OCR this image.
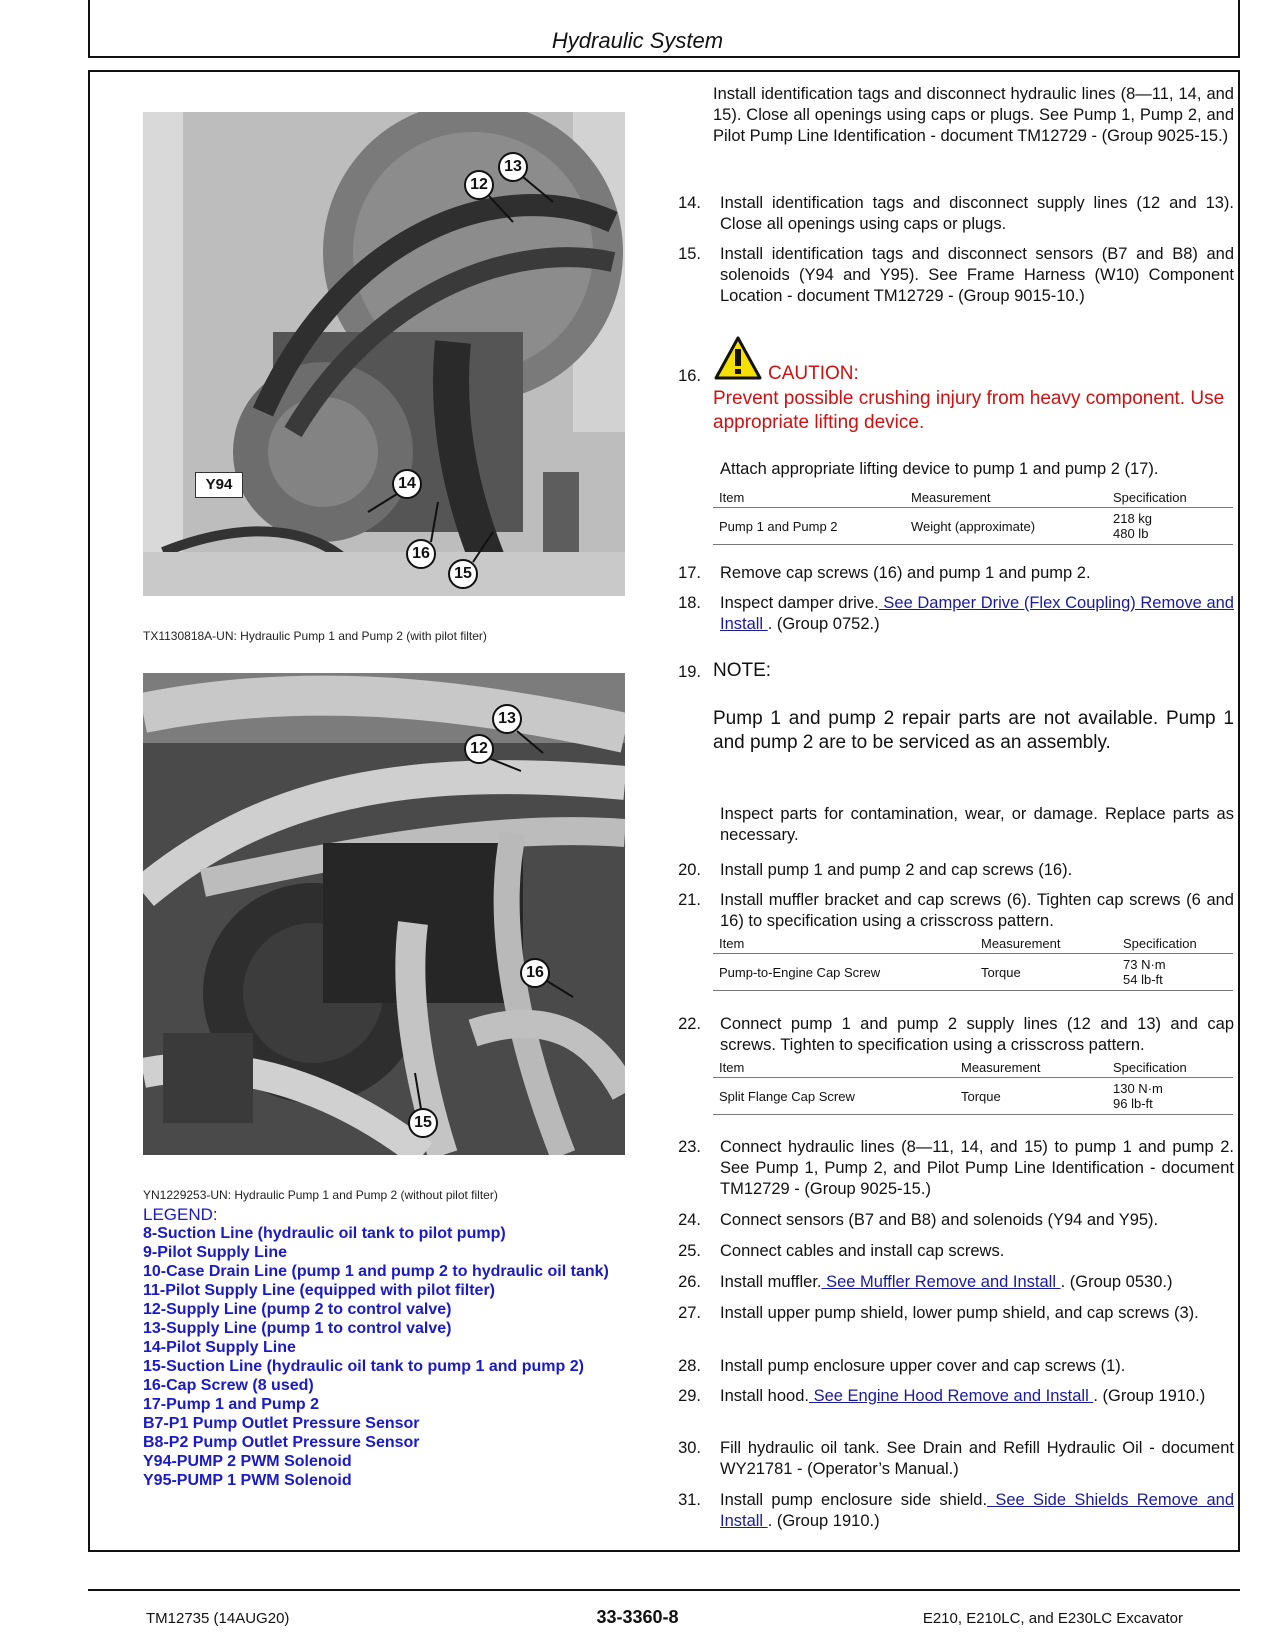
Hydraulic System
Y94
13
12
14
16
15
TX1130818A-UN: Hydraulic Pump 1 and Pump 2 (with pilot filter)
13
12
16
15
YN1229253-UN: Hydraulic Pump 1 and Pump 2 (without pilot filter)
LEGEND:
8-Suction Line (hydraulic oil tank to pilot pump)
9-Pilot Supply Line
10-Case Drain Line (pump 1 and pump 2 to hydraulic oil tank)
11-Pilot Supply Line (equipped with pilot filter)
12-Supply Line (pump 2 to control valve)
13-Supply Line (pump 1 to control valve)
14-Pilot Supply Line
15-Suction Line (hydraulic oil tank to pump 1 and pump 2)
16-Cap Screw (8 used)
17-Pump 1 and Pump 2
B7-P1 Pump Outlet Pressure Sensor
B8-P2 Pump Outlet Pressure Sensor
Y94-PUMP 2 PWM Solenoid
Y95-PUMP 1 PWM Solenoid
Install identification tags and disconnect hydraulic lines (8—11, 14, and 15). Close all openings using caps or plugs. See Pump 1, Pump 2, and Pilot Pump Line Identification - document TM12729 - (Group 9025-15.)
14. Install identification tags and disconnect supply lines (12 and 13). Close all openings using caps or plugs.
15. Install identification tags and disconnect sensors (B7 and B8) and solenoids (Y94 and Y95). See Frame Harness (W10) Component Location - document TM12729 - (Group 9015-10.)
16.	CAUTION:
Prevent possible crushing injury from heavy component. Use appropriate lifting device.
Attach appropriate lifting device to pump 1 and pump 2 (17).
Item	Measurement	Specification
Pump 1 and Pump 2	Weight (approximate)	218 kg
480 lb
17. Remove cap screws (16) and pump 1 and pump 2.
18. Inspect damper drive. See Damper Drive (Flex Coupling) Remove and Install . (Group 0752.)
19. NOTE:
Pump 1 and pump 2 repair parts are not available. Pump 1 and pump 2 are to be serviced as an assembly.
Inspect parts for contamination, wear, or damage. Replace parts as necessary.
20. Install pump 1 and pump 2 and cap screws (16).
21. Install muffler bracket and cap screws (6). Tighten cap screws (6 and 16) to specification using a crisscross pattern.
Item	Measurement	Specification
Pump-to-Engine Cap Screw	Torque	73 N·m
54 lb-ft
22. Connect pump 1 and pump 2 supply lines (12 and 13) and cap screws. Tighten to specification using a crisscross pattern.
Item	Measurement	Specification
Split Flange Cap Screw	Torque	130 N·m
96 lb-ft
23. Connect hydraulic lines (8—11, 14, and 15) to pump 1 and pump 2. See Pump 1, Pump 2, and Pilot Pump Line Identification - document TM12729 - (Group 9025-15.)
24. Connect sensors (B7 and B8) and solenoids (Y94 and Y95).
25. Connect cables and install cap screws.
26. Install muffler. See Muffler Remove and Install . (Group 0530.)
27. Install upper pump shield, lower pump shield, and cap screws (3).
28. Install pump enclosure upper cover and cap screws (1).
29. Install hood. See Engine Hood Remove and Install . (Group 1910.)
30. Fill hydraulic oil tank. See Drain and Refill Hydraulic Oil - document WY21781 - (Operator’s Manual.)
31. Install pump enclosure side shield. See Side Shields Remove and Install . (Group 1910.)
TM12735 (14AUG20)	33-3360-8	E210, E210LC, and E230LC Excavator
